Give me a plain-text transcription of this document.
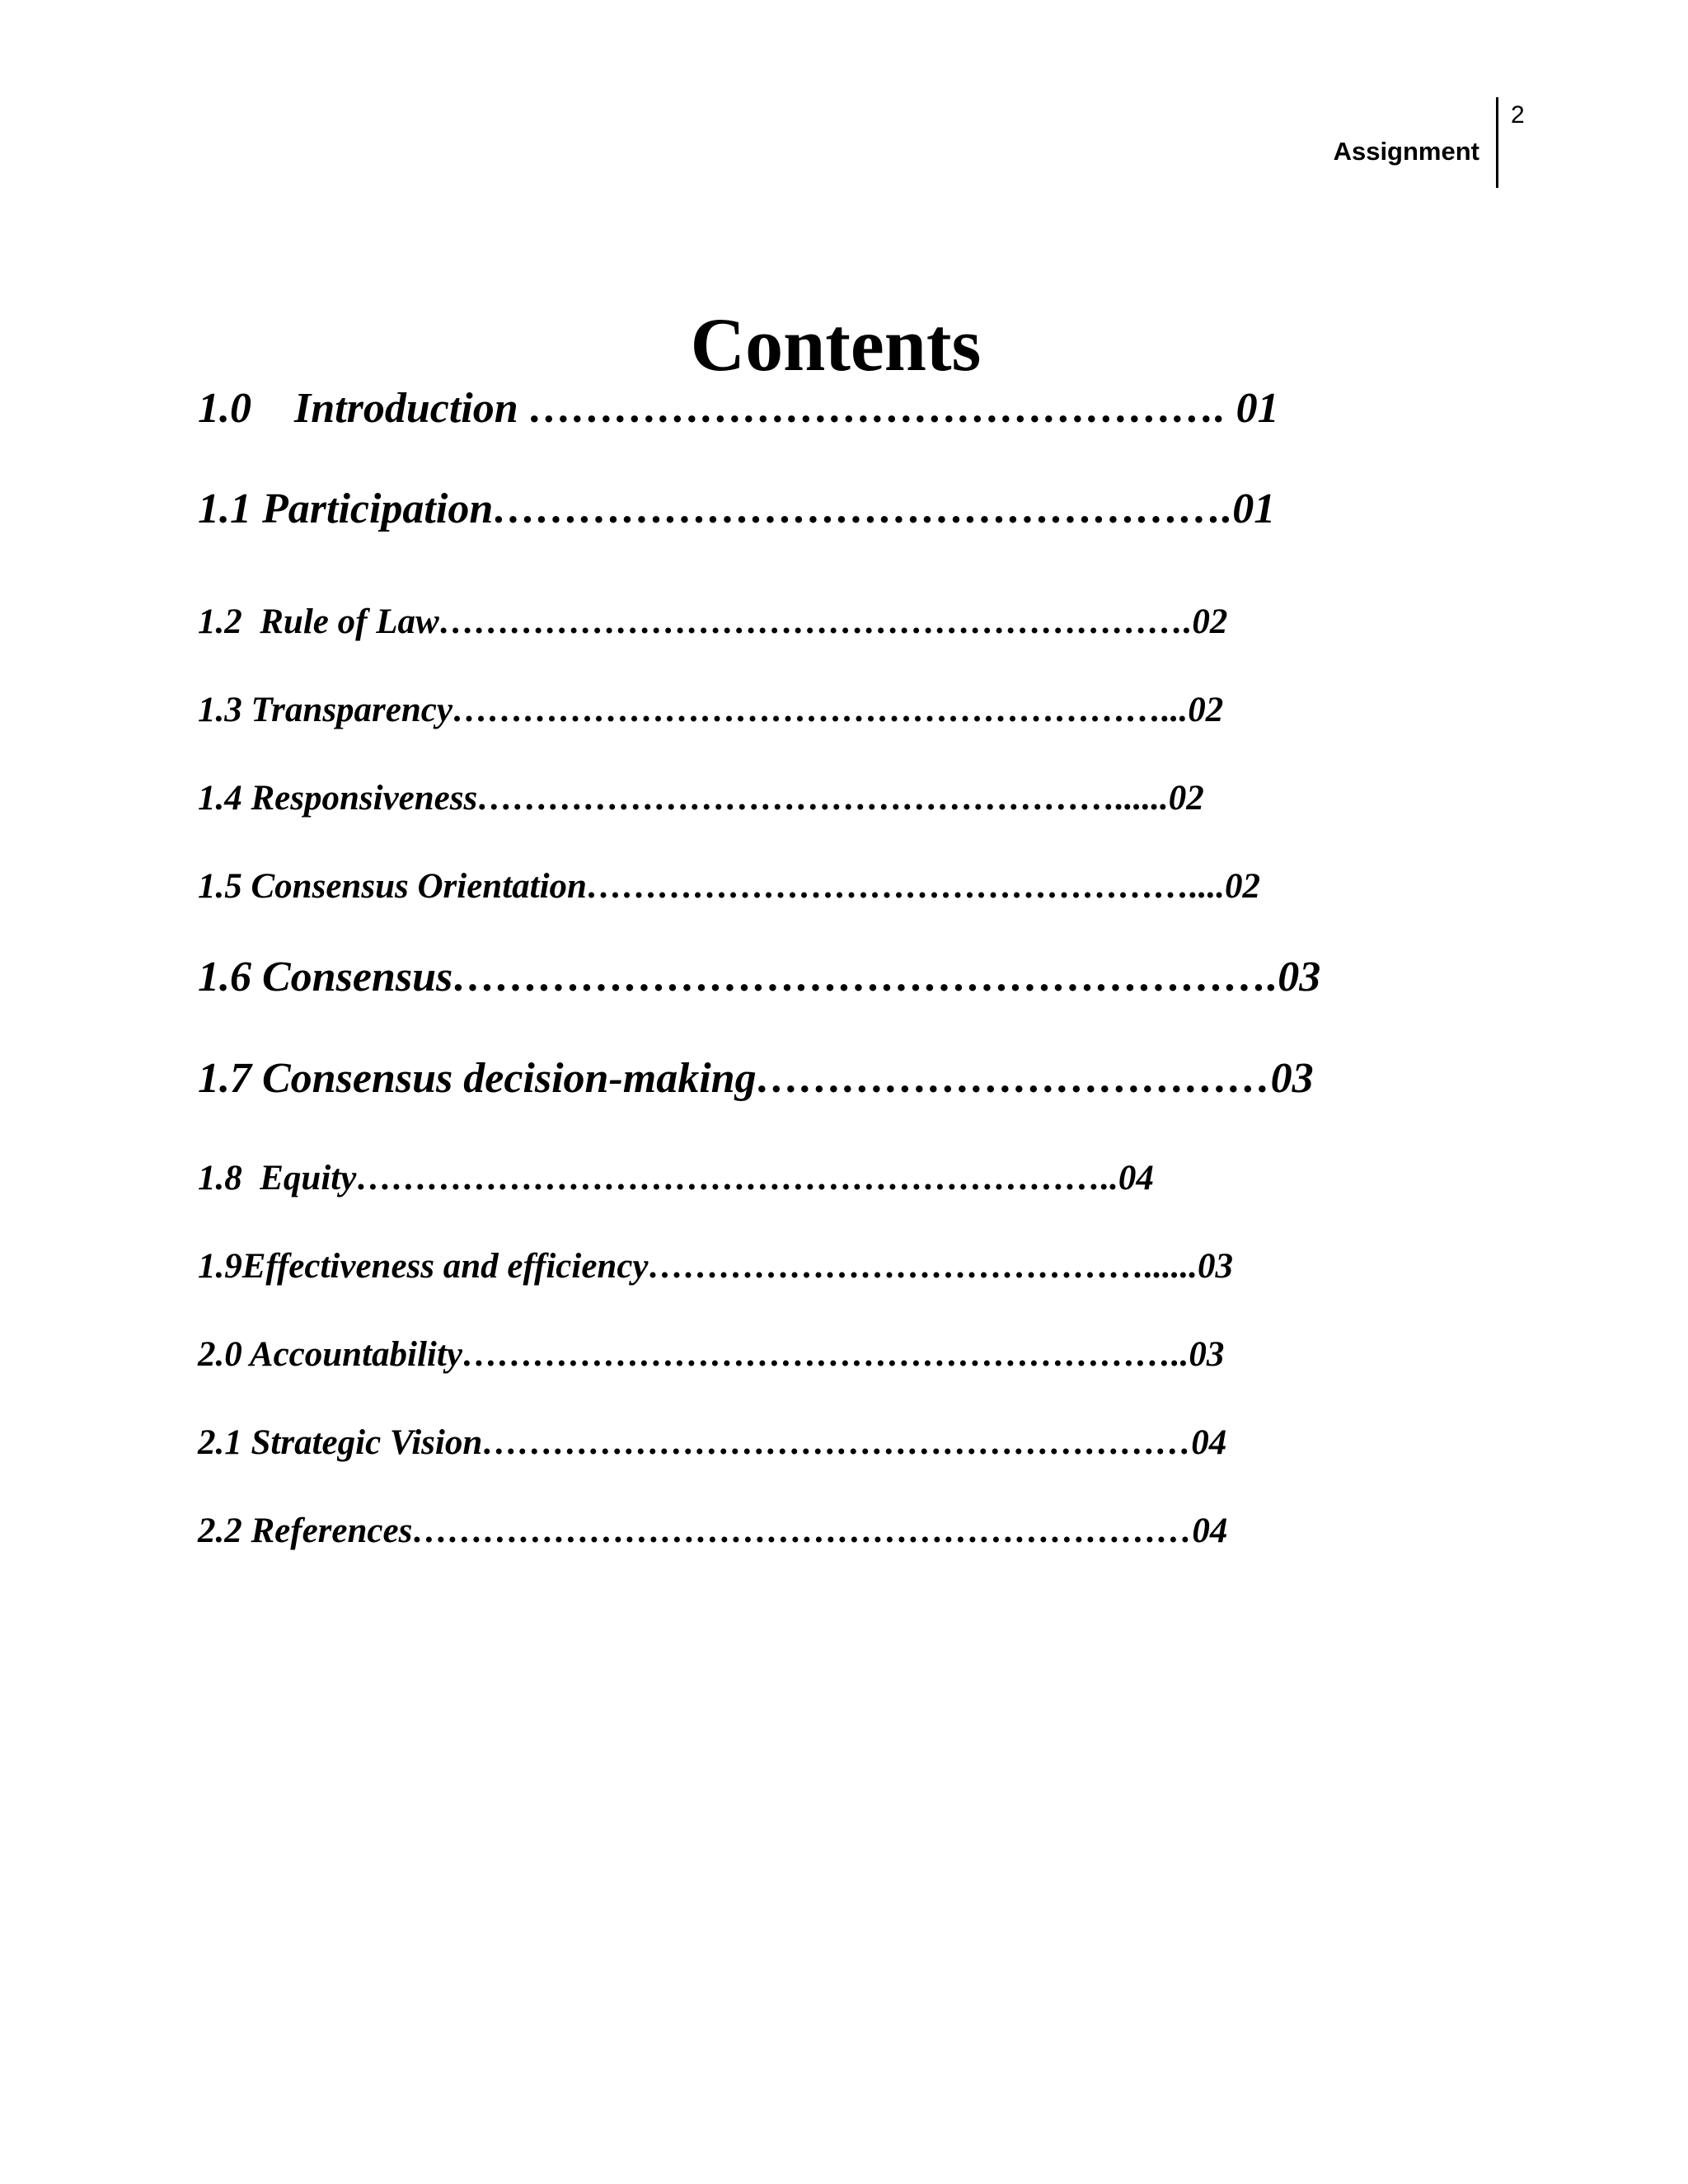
Assignment
2
Contents
1.0    Introduction …………………………………………. 01
1.1 Participation…………………………………………….01
1.2  Rule of Law……………………………………………………….02
1.3 Transparency……………………………………………………...02
1.4 Responsiveness………………………………………………......02
1.5 Consensus Orientation……………………………………………....02
1.6 Consensus………………………………………………….03
1.7 Consensus decision-making………………………………03
1.8  Equity………………………………………………………..04
1.9Effectiveness and efficiency……………………………………......03
2.0 Accountability……………………………………………………..03
2.1 Strategic Vision……………………………………………………04
2.2 References…………………………………………………………04
